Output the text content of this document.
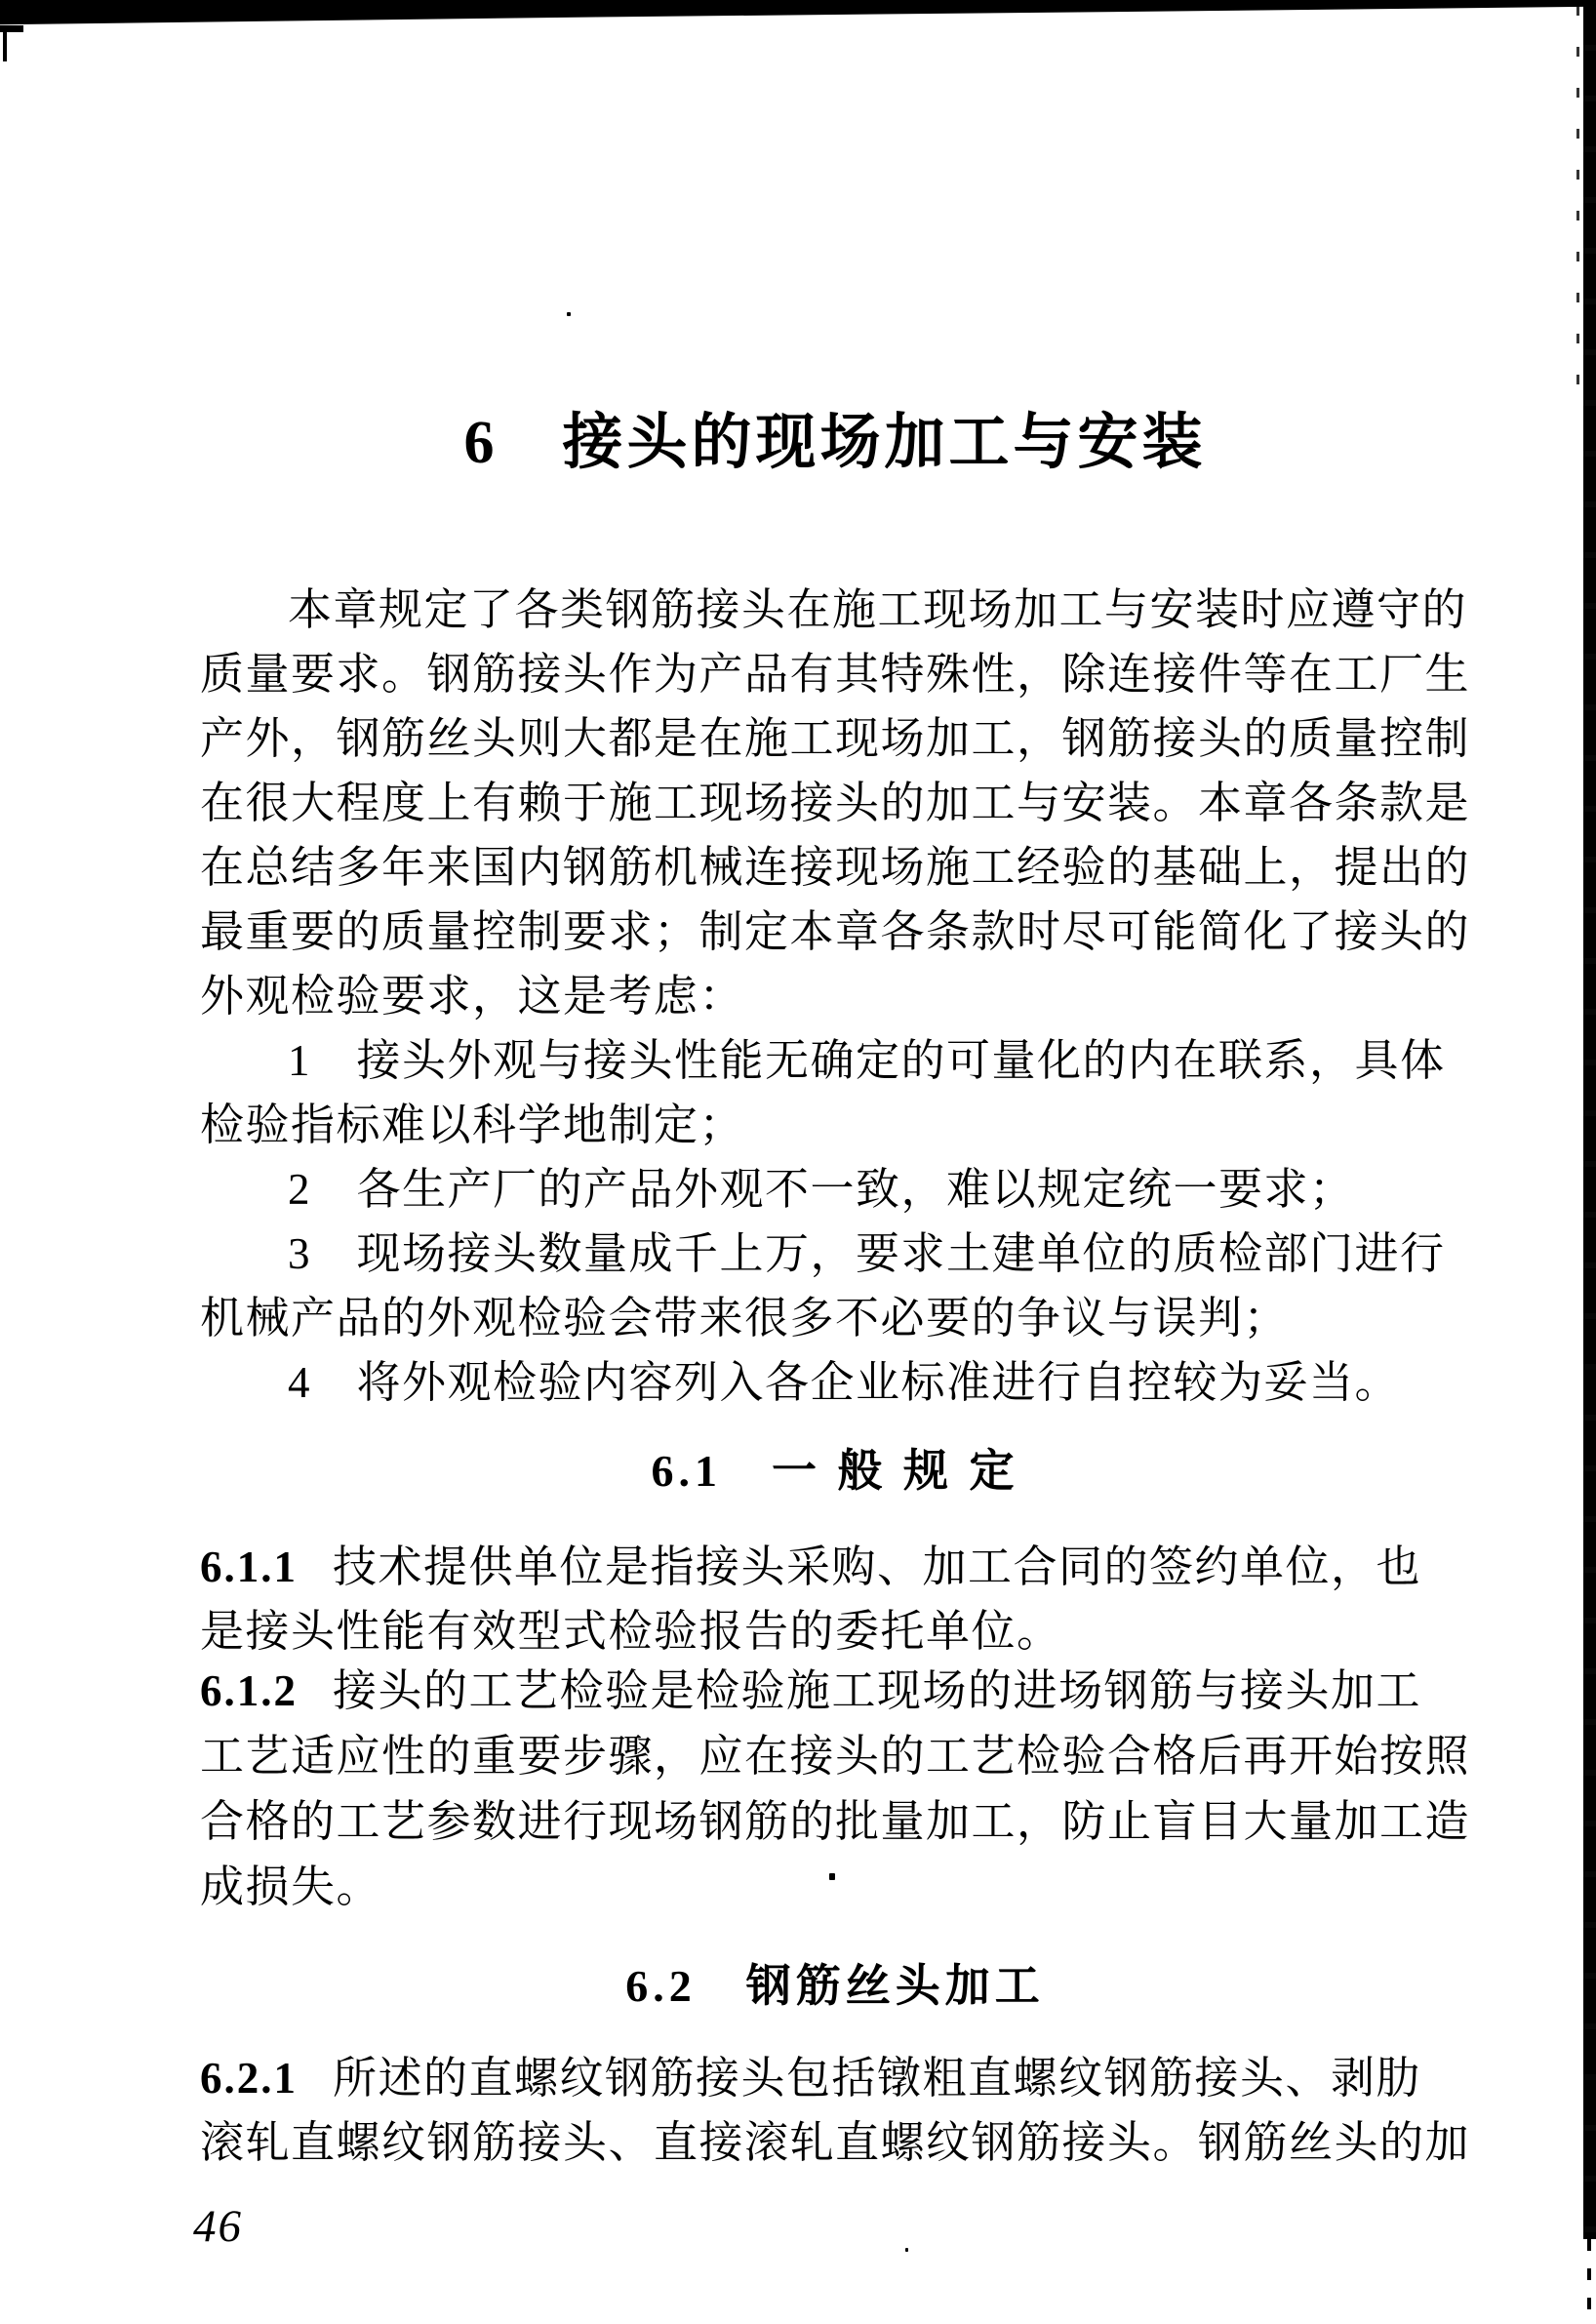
6　接头的现场加工与安装
本章规定了各类钢筋接头在施工现场加工与安装时应遵守的
质量要求。钢筋接头作为产品有其特殊性，除连接件等在工厂生
产外，钢筋丝头则大都是在施工现场加工，钢筋接头的质量控制
在很大程度上有赖于施工现场接头的加工与安装。本章各条款是
在总结多年来国内钢筋机械连接现场施工经验的基础上，提出的
最重要的质量控制要求；制定本章各条款时尽可能简化了接头的
外观检验要求，这是考虑：
1　接头外观与接头性能无确定的可量化的内在联系，具体
检验指标难以科学地制定；
2　各生产厂的产品外观不一致，难以规定统一要求；
3　现场接头数量成千上万，要求土建单位的质检部门进行
机械产品的外观检验会带来很多不必要的争议与误判；
4　将外观检验内容列入各企业标准进行自控较为妥当。
6.1　一 般 规 定
6.1.1 技术提供单位是指接头采购、加工合同的签约单位，也
是接头性能有效型式检验报告的委托单位。
6.1.2 接头的工艺检验是检验施工现场的进场钢筋与接头加工
工艺适应性的重要步骤，应在接头的工艺检验合格后再开始按照
合格的工艺参数进行现场钢筋的批量加工，防止盲目大量加工造
成损失。
6.2　钢筋丝头加工
6.2.1 所述的直螺纹钢筋接头包括镦粗直螺纹钢筋接头、剥肋
滚轧直螺纹钢筋接头、直接滚轧直螺纹钢筋接头。钢筋丝头的加
46
